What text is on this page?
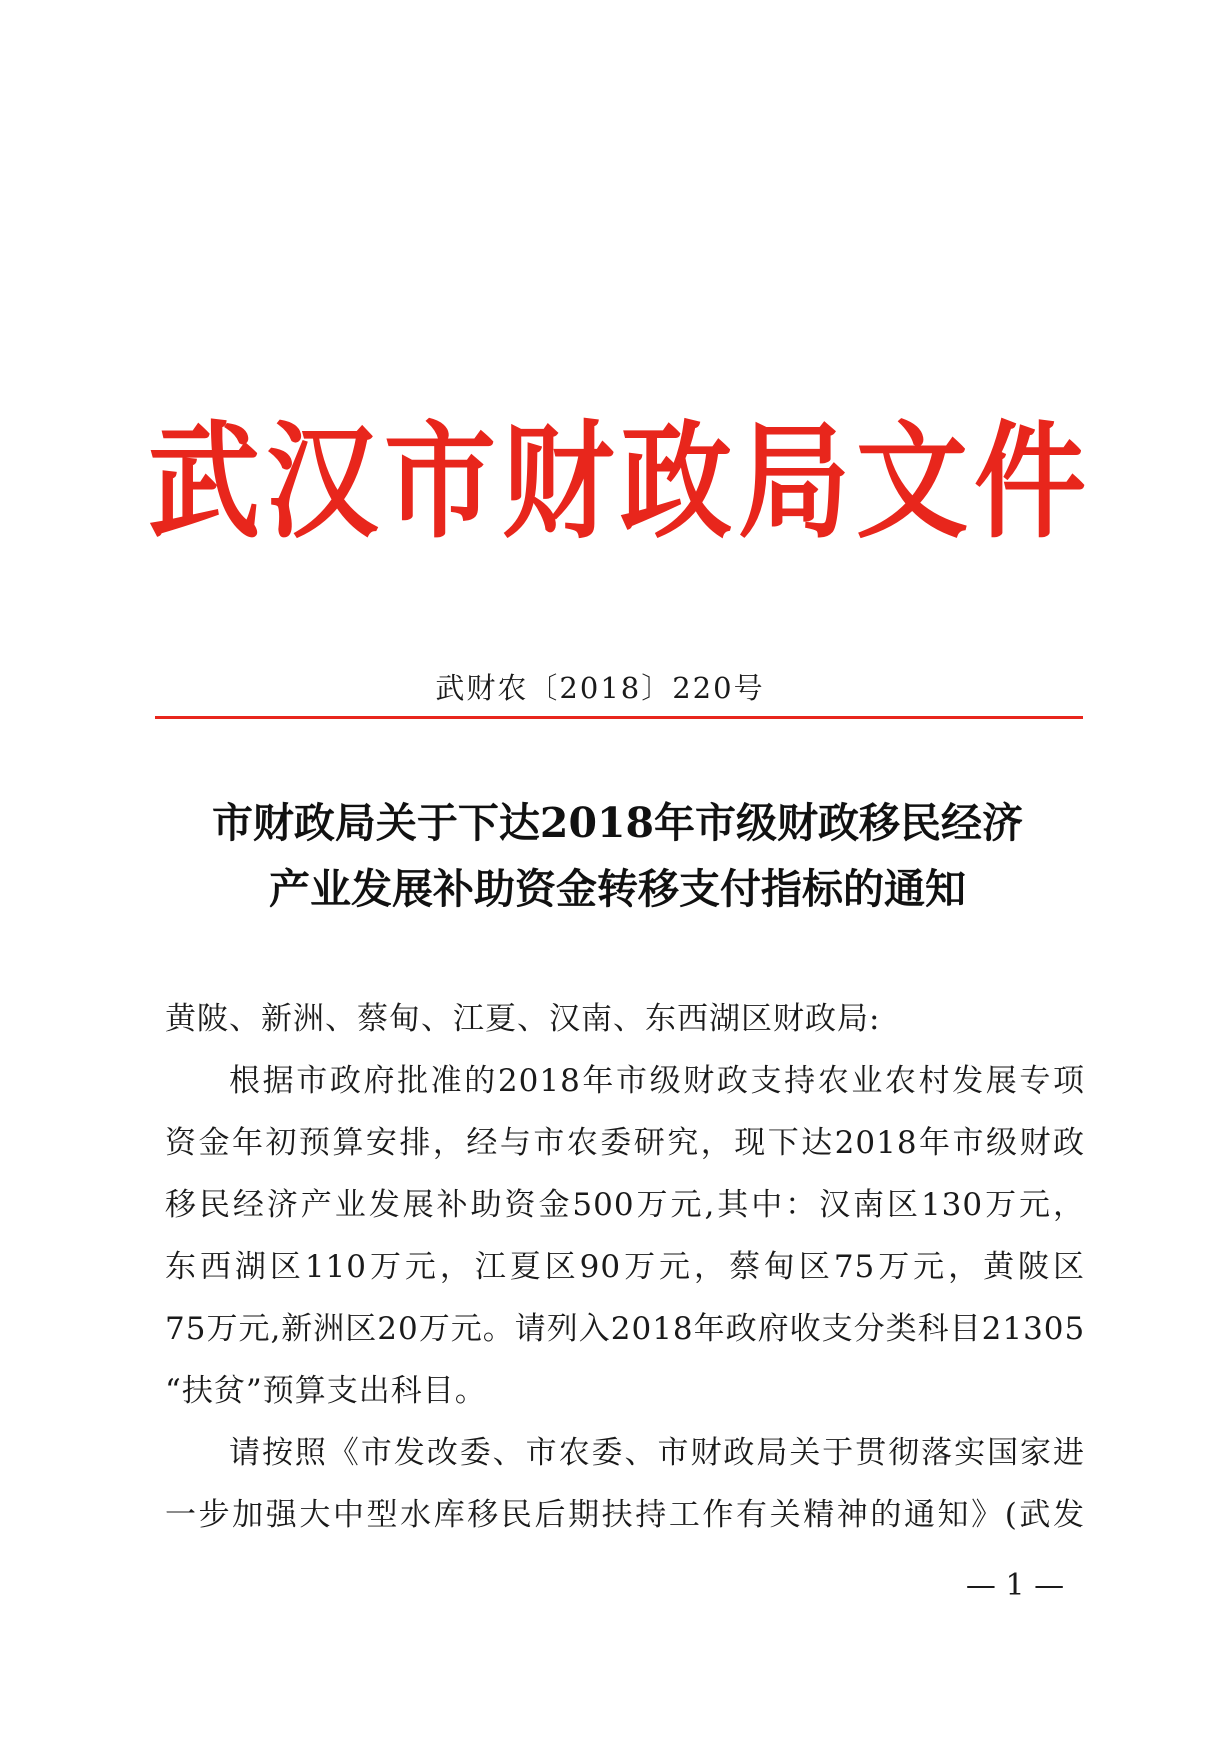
武汉市财政局文件
武财农〔2018〕220号
市财政局关于下达2018年市级财政移民经济
产业发展补助资金转移支付指标的通知
黄陂、新洲、蔡甸、江夏、汉南、东西湖区财政局:
根据市政府批准的2018年市级财政支持农业农村发展专项
资金年初预算安排，经与市农委研究，现下达2018年市级财政
移民经济产业发展补助资金500万元,其中：汉南区130万元，
东西湖区110万元，江夏区90万元，蔡甸区75万元，黄陂区
75万元,新洲区20万元。请列入2018年政府收支分类科目21305
“扶贫”预算支出科目。
请按照《市发改委、市农委、市财政局关于贯彻落实国家进
一步加强大中型水库移民后期扶持工作有关精神的通知》(武发
— 1 —
